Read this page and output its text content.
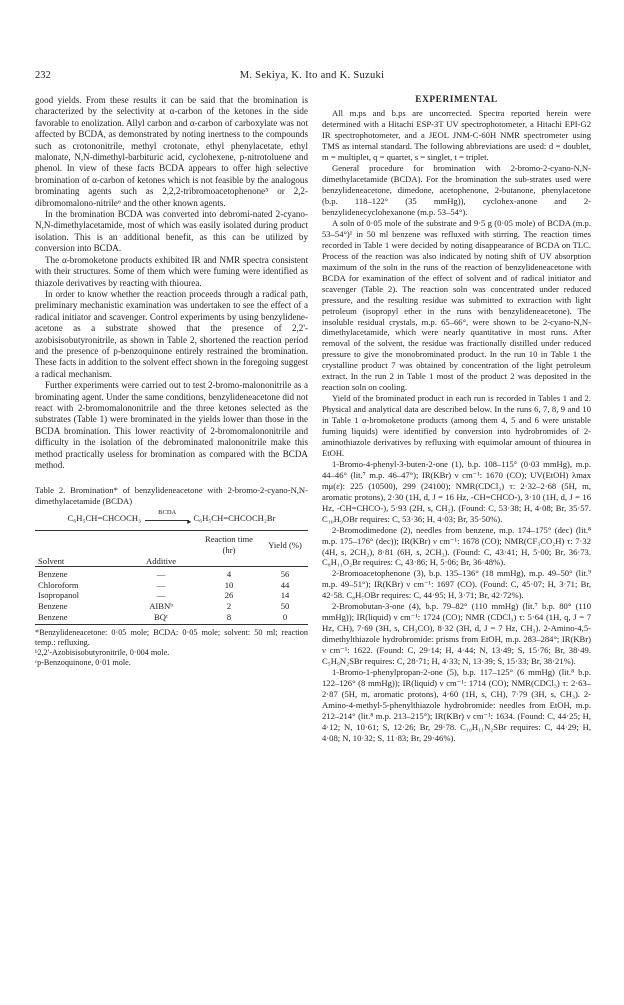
232	M. Sekiya, K. Ito and K. Suzuki

good yields. From these results it can be said that the bromination is characterized by the selectivity at α-carbon of the ketones in the side favorable to enolization. Allyl carbon and α-carbon of carboxylate was not affected by BCDA, as demonstrated by noting inertness to the compounds such as crotononitrile, methyl crotonate, ethyl phenylacetate, ethyl malonate, N,N-dimethyl-barbituric acid, cyclohexene, p-nitrotoluene and phenol. In view of these facts BCDA appears to offer high selective bromination of α-carbon of ketones which is not feasible by the analogous brominating agents such as 2,2,2-tribromoacetophenone⁵ or 2,2-dibromomalono-nitrile⁶ and the other known agents.

In the bromination BCDA was converted into debromi-nated 2-cyano-N,N-dimethylacetamide, most of which was easily isolated during product isolation. This is an additional benefit, as this can be utilized by conversion into BCDA.

The α-bromoketone products exhibited IR and NMR spectra consistent with their structures. Some of them which were fuming were identified as thiazole derivatives by reacting with thiourea.

In order to know whether the reaction proceeds through a radical path, preliminary mechanistic examination was undertaken to see the effect of a radical initiator and scavenger. Control experiments by using benzylidene-acetone as a substrate showed that the presence of 2,2'-azobisisobutyronitrile, as shown in Table 2, shortened the reaction period and the presence of p-benzoquinone entirely restrained the bromination. These facts in addition to the solvent effect shown in the foregoing suggest a radical mechanism.

Further experiments were carried out to test 2-bromo-malononitrile as a brominating agent. Under the same conditions, benzylideneacetone did not react with 2-bromomalononitrile and the three ketones selected as the substrates (Table 1) were brominated in the yields lower than those in the BCDA bromination. This lower reactivity of 2-bromomalononitrile and difficulty in the isolation of the debrominated malononitrile make this method practically useless for bromination as compared with the BCDA method.

Table 2. Bromination* of benzylideneacetone with 2-bromo-2-cyano-N,N-dimethylacetamide (BCDA)

C₆H₅CH=CHCOCH₃
BCDA
▸ C₆H₅CH=CHCOCH₂Br
		Reaction time (hr)	Yield (%)
Solvent	Additive		
Benzene	—	4	56
Chloroform	—	10	44
Isopropanol	—	26	14
Benzene	AIBNᵇ	2	50
Benzene	BQᶜ	8	0
*Benzylideneacetone: 0·05 mole; BCDA: 0·05 mole; solvent: 50 ml; reaction temp.: refluxing.
ᵇ2,2'-Azobisisobutyronitrile, 0·004 mole.
ᶜp-Benzoquinone, 0·01 mole.
EXPERIMENTAL

All m.ps and b.ps are uncorrected. Spectra reported herein were determined with a Hitachi ESP-3T UV spectrophotometer, a Hitachi EPI-G2 IR spectrophotometer, and a JEOL JNM-C-60H NMR spectrometer using TMS as internal standard. The following abbreviations are used: d = doublet, m = multiplet, q = quartet, s = singlet, t = triplet.

General procedure for bromination with 2-bromo-2-cyano-N,N-dimethylacetamide (BCDA). For the bromination the sub-strates used were benzylideneacetone, dimedone, acetophenone, 2-butanone, phenylacetone (b.p. 118–122° (35 mmHg)), cyclohex-anone and 2-benzylidenecyclohexanone (m.p. 53–54°).

A soln of 0·05 mole of the substrate and 9·5 g (0·05 mole) of BCDA (m.p. 53–54°)¹ in 50 ml benzene was refluxed with stirring. The reaction times recorded in Table 1 were decided by noting disappearance of BCDA on TLC. Process of the reaction was also indicated by noting shift of UV absorption maximum of the soln in the runs of the reaction of benzylideneacetone with BCDA for examination of the effect of solvent and of radical initiator and scavenger (Table 2). The reaction soln was concentrated under reduced pressure, and the resulting residue was submitted to extraction with light petroleum (isopropyl ether in the runs with benzylideneacetone). The insoluble residual crystals, m.p. 65–66°, were shown to be 2-cyano-N,N-dimethylacetamide, which were nearly quantitative in most runs. After removal of the solvent, the residue was fractionally distilled under reduced pressure to give the monobrominated product. In the run 10 in Table 1 the crystalline product 7 was obtained by concentration of the light petroleum extract. In the run 2 in Table 1 most of the product 2 was deposited in the reaction soln on cooling.

Yield of the brominated product in each run is recorded in Tables 1 and 2. Physical and analytical data are described below. In the runs 6, 7, 8, 9 and 10 in Table 1 α-bromoketone products (among them 4, 5 and 6 were unstable fuming liquids) were identified by conversion into hydrobromides of 2-aminothiazole derivatives by refluxing with equimolar amount of thiourea in EtOH.

1-Bromo-4-phenyl-3-buten-2-one (1), b.p. 108–115° (0·03 mmHg), m.p. 44–46° (lit.⁷ m.p. 46–47°); IR(KBr) ν cm⁻¹: 1670 (CO); UV(EtOH) λmax mμ(ε): 225 (10500), 299 (24100); NMR(CDCl₃) τ: 2·32–2·68 (5H, m, aromatic protons), 2·30 (1H, d, J = 16 Hz, -CH=CHCO-), 3·10 (1H, d, J = 16 Hz, -CH=CHCO-), 5·93 (2H, s, CH₂). (Found: C, 53·38; H, 4·08; Br, 35·57. C₁₀H₉OBr requires: C, 53·36; H, 4·03; Br, 35·50%).

2-Bromodimedone (2), needles from benzene, m.p. 174–175° (dec) (lit.⁸ m.p. 175–176° (dec)); IR(KBr) ν cm⁻¹: 1678 (CO); NMR(CF₃CO₂H) τ: 7·32 (4H, s, 2CH₂), 8·81 (6H, s, 2CH₃). (Found: C, 43·41; H, 5·00; Br, 36·73. C₈H₁₁O₂Br requires: C, 43·86; H, 5·06; Br, 36·48%).

2-Bromoacetophenone (3), b.p. 135–136° (18 mmHg), m.p. 49–50° (lit.⁹ m.p. 49–51°); IR(KBr) ν cm⁻¹: 1697 (CO). (Found: C, 45·07; H, 3·71; Br, 42·58. C₈H₇OBr requires: C, 44·95; H, 3·71; Br, 42·72%).

2-Bromobutan-3-one (4), b.p. 79–82° (110 mmHg) (lit.⁷ b.p. 80° (110 mmHg)); IR(liquid) ν cm⁻¹: 1724 (CO); NMR (CDCl₃) τ: 5·64 (1H, q, J = 7 Hz, CH), 7·69 (3H, s, CH₃CO), 8·32 (3H, d, J = 7 Hz, CH₃). 2-Amino-4,5-dimethylthiazole hydrobromide: prisms from EtOH, m.p. 283–284°; IR(KBr) ν cm⁻¹: 1622. (Found: C, 29·14; H, 4·44; N, 13·49; S, 15·76; Br, 38·49. C₅H₉N₂SBr requires: C, 28·71; H, 4·33; N, 13·39; S, 15·33; Br, 38·21%).

1-Bromo-1-phenylpropan-2-one (5), b.p. 117–125° (6 mmHg) (lit.⁸ b.p. 122–126° (8 mmHg)); IR(liquid) ν cm⁻¹: 1714 (CO); NMR(CDCl₃) τ: 2·63–2·87 (5H, m, aromatic protons), 4·60 (1H, s, CH), 7·79 (3H, s, CH₃). 2-Amino-4-methyl-5-phenylthiazole hydrobromide: needles from EtOH, m.p. 212–214° (lit.⁸ m.p. 213–215°); IR(KBr) ν cm⁻¹: 1634. (Found: C, 44·25; H, 4·12; N, 10·61; S, 12·26; Br, 29·78. C₁₀H₁₁N₂SBr requires: C, 44·29; H, 4·08; N, 10·32; S, 11·83; Br, 29·46%).
